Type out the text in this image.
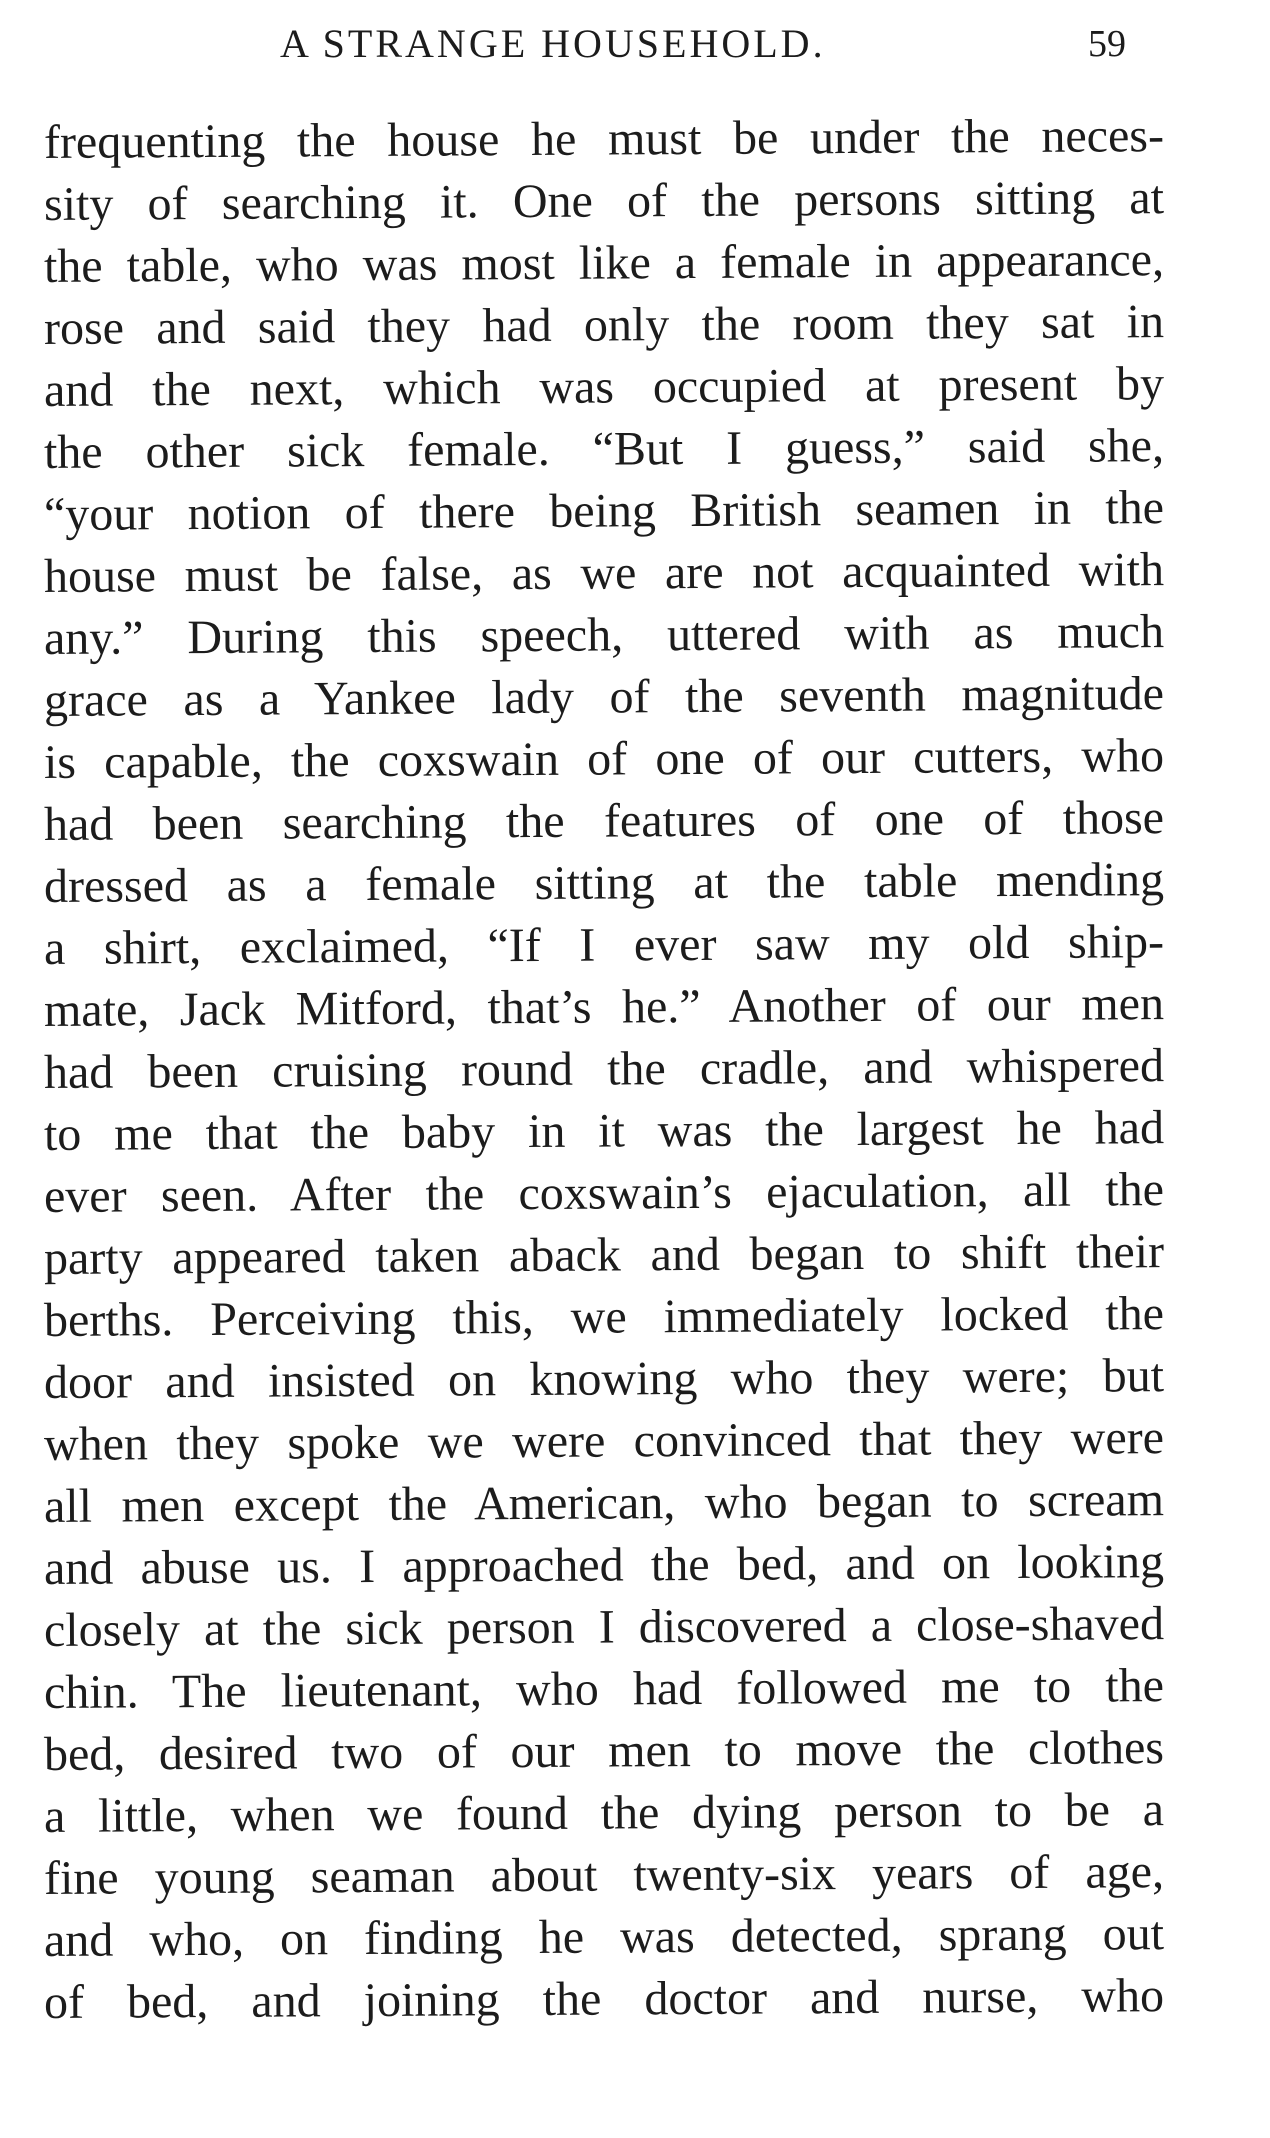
A STRANGE HOUSEHOLD.	59
frequenting the house he must be under the neces-
sity of searching it. One of the persons sitting at
the table, who was most like a female in appearance,
rose and said they had only the room they sat in
and the next, which was occupied at present by
the other sick female. “But I guess,” said she,
“your notion of there being British seamen in the
house must be false, as we are not acquainted with
any.” During this speech, uttered with as much
grace as a Yankee lady of the seventh magnitude
is capable, the coxswain of one of our cutters, who
had been searching the features of one of those
dressed as a female sitting at the table mending
a shirt, exclaimed, “If I ever saw my old ship-
mate, Jack Mitford, that’s he.” Another of our men
had been cruising round the cradle, and whispered
to me that the baby in it was the largest he had
ever seen. After the coxswain’s ejaculation, all the
party appeared taken aback and began to shift their
berths. Perceiving this, we immediately locked the
door and insisted on knowing who they were; but
when they spoke we were convinced that they were
all men except the American, who began to scream
and abuse us. I approached the bed, and on looking
closely at the sick person I discovered a close-shaved
chin. The lieutenant, who had followed me to the
bed, desired two of our men to move the clothes
a little, when we found the dying person to be a
fine young seaman about twenty-six years of age,
and who, on finding he was detected, sprang out
of bed, and joining the doctor and nurse, who
